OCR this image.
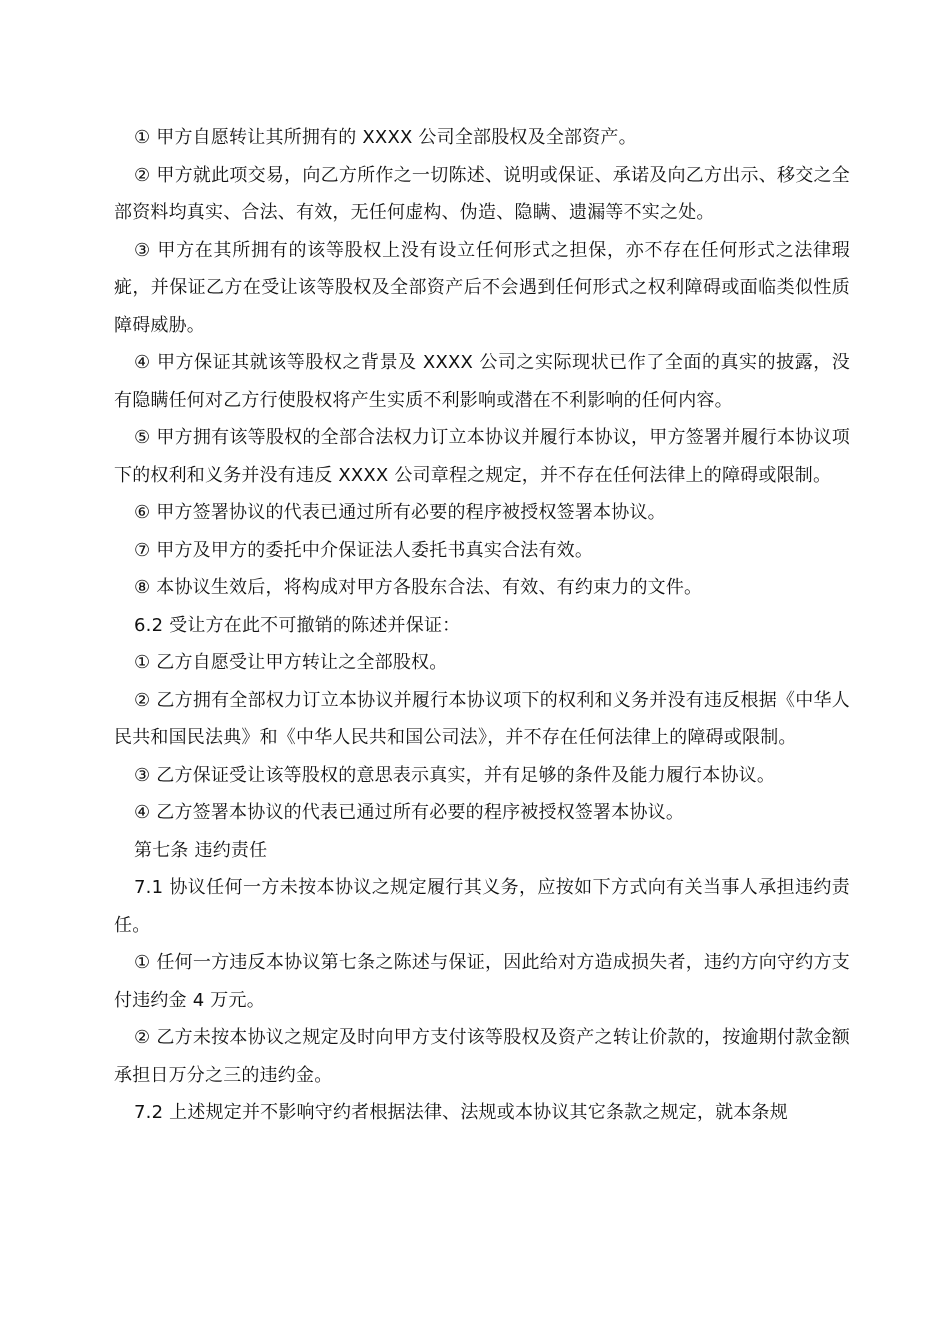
① 甲方自愿转让其所拥有的 XXXX 公司全部股权及全部资产。

② 甲方就此项交易，向乙方所作之一切陈述、说明或保证、承诺及向乙方出示、移交之全部资料均真实、合法、有效，无任何虚构、伪造、隐瞒、遗漏等不实之处。

③ 甲方在其所拥有的该等股权上没有设立任何形式之担保，亦不存在任何形式之法律瑕疵，并保证乙方在受让该等股权及全部资产后不会遇到任何形式之权利障碍或面临类似性质障碍威胁。

④ 甲方保证其就该等股权之背景及 XXXX 公司之实际现状已作了全面的真实的披露，没有隐瞒任何对乙方行使股权将产生实质不利影响或潜在不利影响的任何内容。

⑤ 甲方拥有该等股权的全部合法权力订立本协议并履行本协议，甲方签署并履行本协议项下的权利和义务并没有违反 XXXX 公司章程之规定，并不存在任何法律上的障碍或限制。

⑥ 甲方签署协议的代表已通过所有必要的程序被授权签署本协议。

⑦ 甲方及甲方的委托中介保证法人委托书真实合法有效。

⑧ 本协议生效后，将构成对甲方各股东合法、有效、有约束力的文件。

6.2 受让方在此不可撤销的陈述并保证：

① 乙方自愿受让甲方转让之全部股权。

② 乙方拥有全部权力订立本协议并履行本协议项下的权利和义务并没有违反根据《中华人民共和国民法典》和《中华人民共和国公司法》，并不存在任何法律上的障碍或限制。

③ 乙方保证受让该等股权的意思表示真实，并有足够的条件及能力履行本协议。

④ 乙方签署本协议的代表已通过所有必要的程序被授权签署本协议。

第七条 违约责任

7.1 协议任何一方未按本协议之规定履行其义务，应按如下方式向有关当事人承担违约责任。

① 任何一方违反本协议第七条之陈述与保证，因此给对方造成损失者，违约方向守约方支付违约金 4 万元。

② 乙方未按本协议之规定及时向甲方支付该等股权及资产之转让价款的，按逾期付款金额承担日万分之三的违约金。

7.2 上述规定并不影响守约者根据法律、法规或本协议其它条款之规定，就本条规
